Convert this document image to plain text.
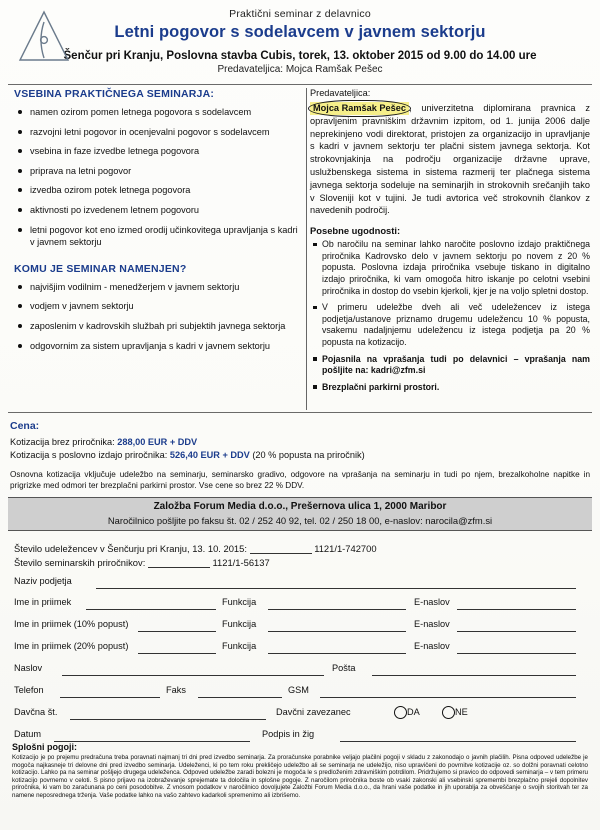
Praktični seminar z delavnico
Letni pogovor s sodelavcem v javnem sektorju
Šenčur pri Kranju, Poslovna stavba Cubis, torek, 13. oktober 2015 od 9.00 do 14.00 ure
Predavateljica: Mojca Ramšak Pešec
VSEBINA PRAKTIČNEGA SEMINARJA:
namen ozirom pomen letnega pogovora s sodelavcem
razvojni letni pogovor in ocenjevalni pogovor s sodelavcem
vsebina in faze izvedbe letnega pogovora
priprava na letni pogovor
izvedba ozirom potek letnega pogovora
aktivnosti po izvedenem letnem pogovoru
letni pogovor kot eno izmed orodij učinkovitega upravljanja s kadri v javnem sektorju
KOMU JE SEMINAR NAMENJEN?
najvišjim vodilnim - menedžerjem v javnem sektorju
vodjem v javnem sektorju
zaposlenim v kadrovskih službah pri subjektih javnega sektorja
odgovornim za sistem upravljanja s kadri v javnem sektorju
Predavateljica:

Mojca Ramšak Pešec , univerzitetna diplomirana pravnica z opravljenim pravniškim državnim izpitom, od 1. junija 2006 dalje neprekinjeno vodi direktorat, pristojen za organizacijo in upravljanje s kadri v javnem sektorju ter plačni sistem javnega sektorja. Kot strokovnjakinja na področju organizacije državne uprave, uslužbenskega sistema in sistema razmerij ter plačnega sistema javnega sektorja sodeluje na seminarjih in strokovnih srečanjih tako v Sloveniji kot v tujini. Je tudi avtorica več strokovnih člankov z navedenih področij.

Posebne ugodnosti:
Ob naročilu na seminar lahko naročite poslovno izdajo praktičnega priročnika Kadrovsko delo v javnem sektorju po novem z 20 % popusta. Poslovna izdaja priročnika vsebuje tiskano in digitalno izdajo priročnika, ki vam omogoča hitro iskanje po celotni vsebini priročnika in dostop do vsebin kjerkoli, kjer je na voljo spletni dostop.
V primeru udeležbe dveh ali več udeležencev iz istega podjetja/ustanove priznamo drugemu udeležencu 10 % popusta, vsakemu nadaljnjemu udeležencu iz istega podjetja pa 20 % popusta na kotizacijo.
Pojasnila na vprašanja tudi po delavnici – vprašanja nam pošljite na: kadri@zfm.si
Brezplačni parkirni prostori.
Cena:
Kotizacija brez priročnika: 288,00 EUR + DDV
Kotizacija s poslovno izdajo priročnika: 526,40 EUR + DDV (20 % popusta na priročnik)
Osnovna kotizacija vključuje udeležbo na seminarju, seminarsko gradivo, odgovore na vprašanja na seminarju in tudi po njem, brezalkoholne napitke in prigrizke med odmori ter brezplačni parkirni prostor. Vse cene so brez 22 % DDV.
Založba Forum Media d.o.o., Prešernova ulica 1, 2000 Maribor
Naročilnico pošljite po faksu št. 02 / 252 40 92, tel. 02 / 250 18 00, e-naslov: narocila@zfm.si
Število udeležencev v Šenčurju pri Kranju, 13. 10. 2015:	1121/1-742700
Število seminarskih priročnikov:	1121/1-56137
Naziv podjetja
Ime in priimek	Funkcija	E-naslov
Ime in priimek (10% popust)	Funkcija	E-naslov
Ime in priimek (20% popust)	Funkcija	E-naslov
Naslov	Pošta
Telefon	Faks	GSM
Davčna št.	Davčni zavezanec	DA	NE
Datum	Podpis in žig
Splošni pogoji:

Kotizacijo je po prejemu predračuna treba poravnati najmanj tri dni pred izvedbo seminarja. Za proračunske porabnike veljajo plačilni pogoji v skladu z zakonodajo o javnih plačilih. Pisna odpoved udeležbe je mogoča najkasneje tri delovne dni pred izvedbo seminarja. Udeleženci, ki po tem roku prekličejo udeležbo ali se seminarja ne udeležijo, niso upravičeni do povrnitve kotizacije oz. so dolžni poravnati celotno kotizacijo. Lahko pa na seminar pošljejo drugega udeleženca. Odpoved udeležbe zaradi bolezni je mogoča le s predloženim zdravniškim potrdilom. Pridržujemo si pravico do odpovedi seminarja – v tem primeru kotizacijo povrnemo v celoti. S pisno prijavo na izobraževanje sprejemate ta določila in splošne pogoje. Z naročilom priročnika boste ob vsaki zakonski ali vsebinski spremembi brezplačno prejeli dopolnitev priročnika, ki vam bo zaračunana po ceni posodobitve. Z vnosom podatkov v naročilnico dovoljujete Založbi Forum Media d.o.o., da hrani vaše podatke in jih uporablja za obveščanje o svojih storitvah ter za namene neposrednega trženja. Vaše podatke lahko na vašo zahtevo kadarkoli spremenimo ali izbrišemo.
